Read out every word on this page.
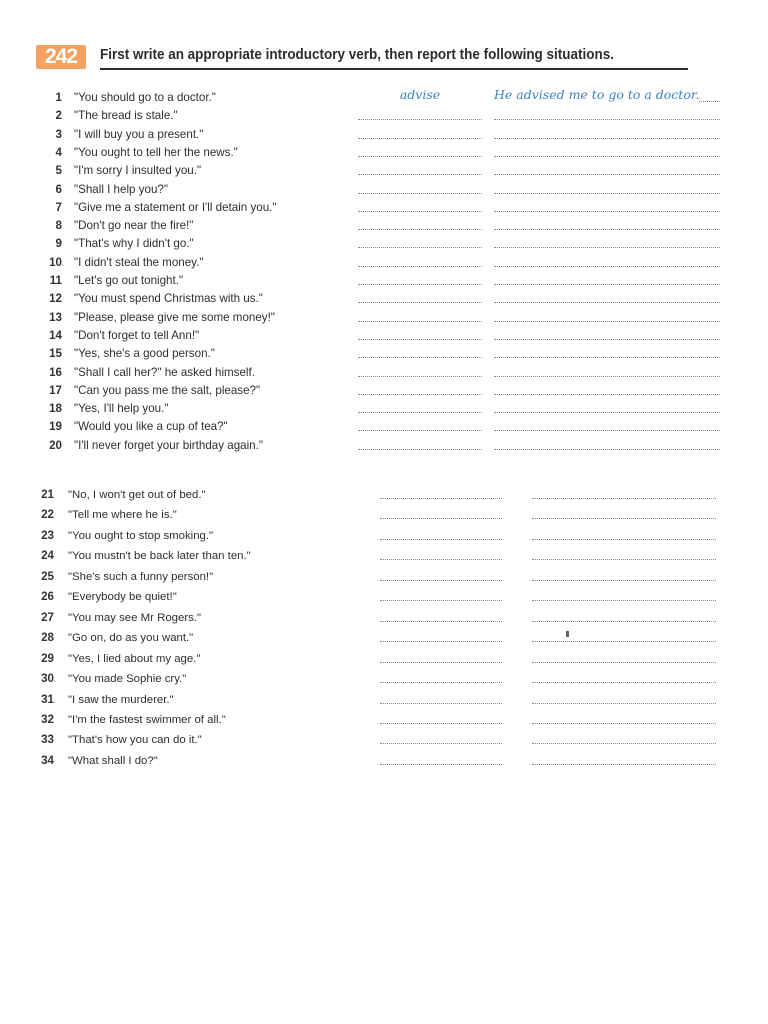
242	First write an appropriate introductory verb, then report the following situations.
1 "You should go to a doctor."	advise	He advised me to go to a doctor.
2 "The bread is stale."
3 "I will buy you a present."
4 "You ought to tell her the news."
5 "I'm sorry I insulted you."
6 "Shall I help you?"
7 "Give me a statement or I'll detain you."
8 "Don't go near the fire!"
9 "That's why I didn't go."
10 "I didn't steal the money."
11 "Let's go out tonight."
12 "You must spend Christmas with us."
13 "Please, please give me some money!"
14 "Don't forget to tell Ann!"
15 "Yes, she's a good person."
16 "Shall I call her?" he asked himself.
17 "Can you pass me the salt, please?"
18 "Yes, I'll help you."
19 "Would you like a cup of tea?"
20 "I'll never forget your birthday again."
21 "No, I won't get out of bed."
22 "Tell me where he is."
23 "You ought to stop smoking."
24 "You mustn't be back later than ten."
25 "She's such a funny person!"
26 "Everybody be quiet!"
27 "You may see Mr Rogers."
28 "Go on, do as you want."
29 "Yes, I lied about my age."
30 "You made Sophie cry."
31 "I saw the murderer."
32 "I'm the fastest swimmer of all."
33 "That's how you can do it."
34 "What shall I do?"
